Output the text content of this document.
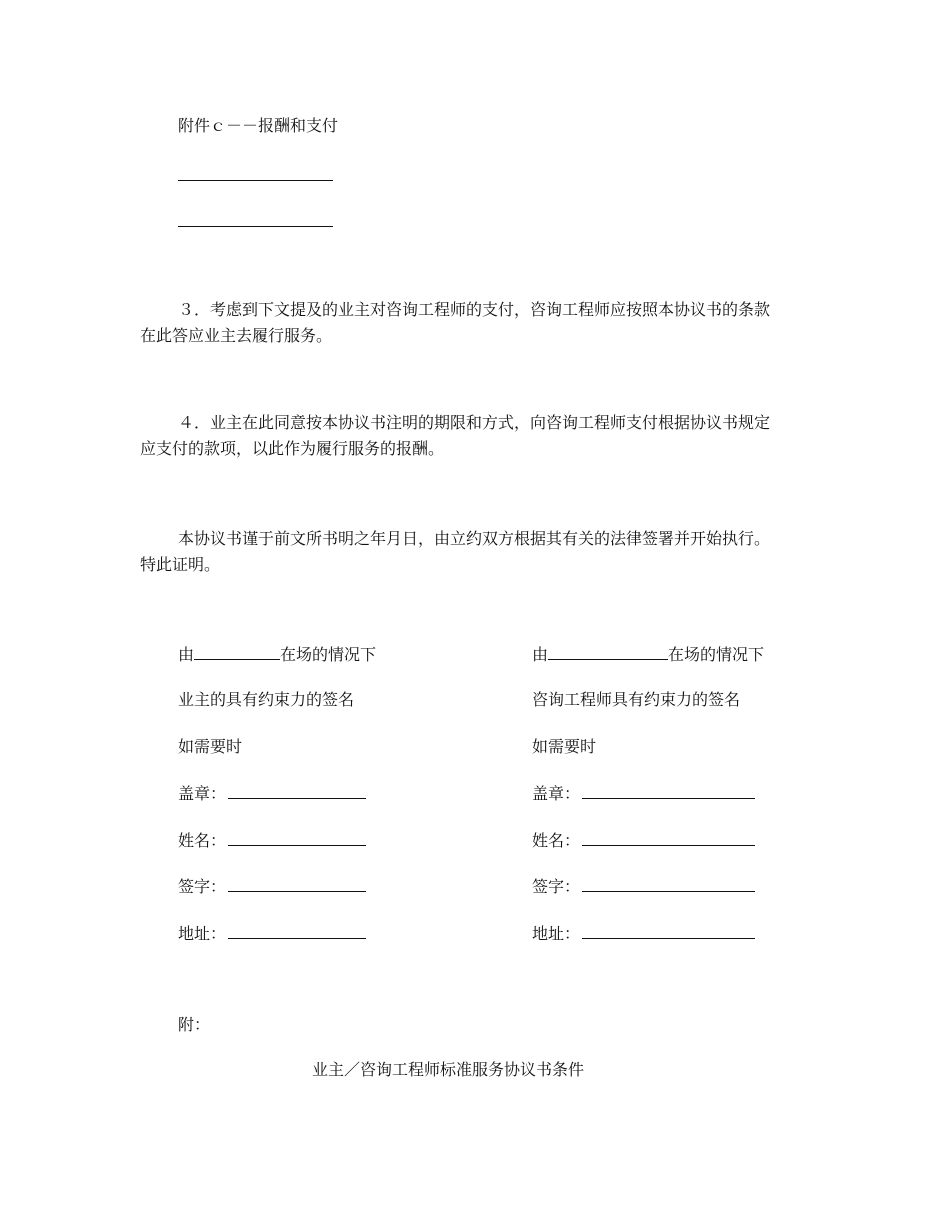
附件ｃ－－报酬和支付

３．考虑到下文提及的业主对咨询工程师的支付，咨询工程师应按照本协议书的条款在此答应业主去履行服务。

４．业主在此同意按本协议书注明的期限和方式，向咨询工程师支付根据协议书规定应支付的款项，以此作为履行服务的报酬。

本协议书谨于前文所书明之年月日，由立约双方根据其有关的法律签署并开始执行。特此证明。

由	在场的情况下
业主的具有约束力的签名
如需要时
盖章：
姓名：
签字：
地址：
由	在场的情况下
咨询工程师具有约束力的签名
如需要时
盖章：
姓名：
签字：
地址：
附：
业主／咨询工程师标准服务协议书条件
